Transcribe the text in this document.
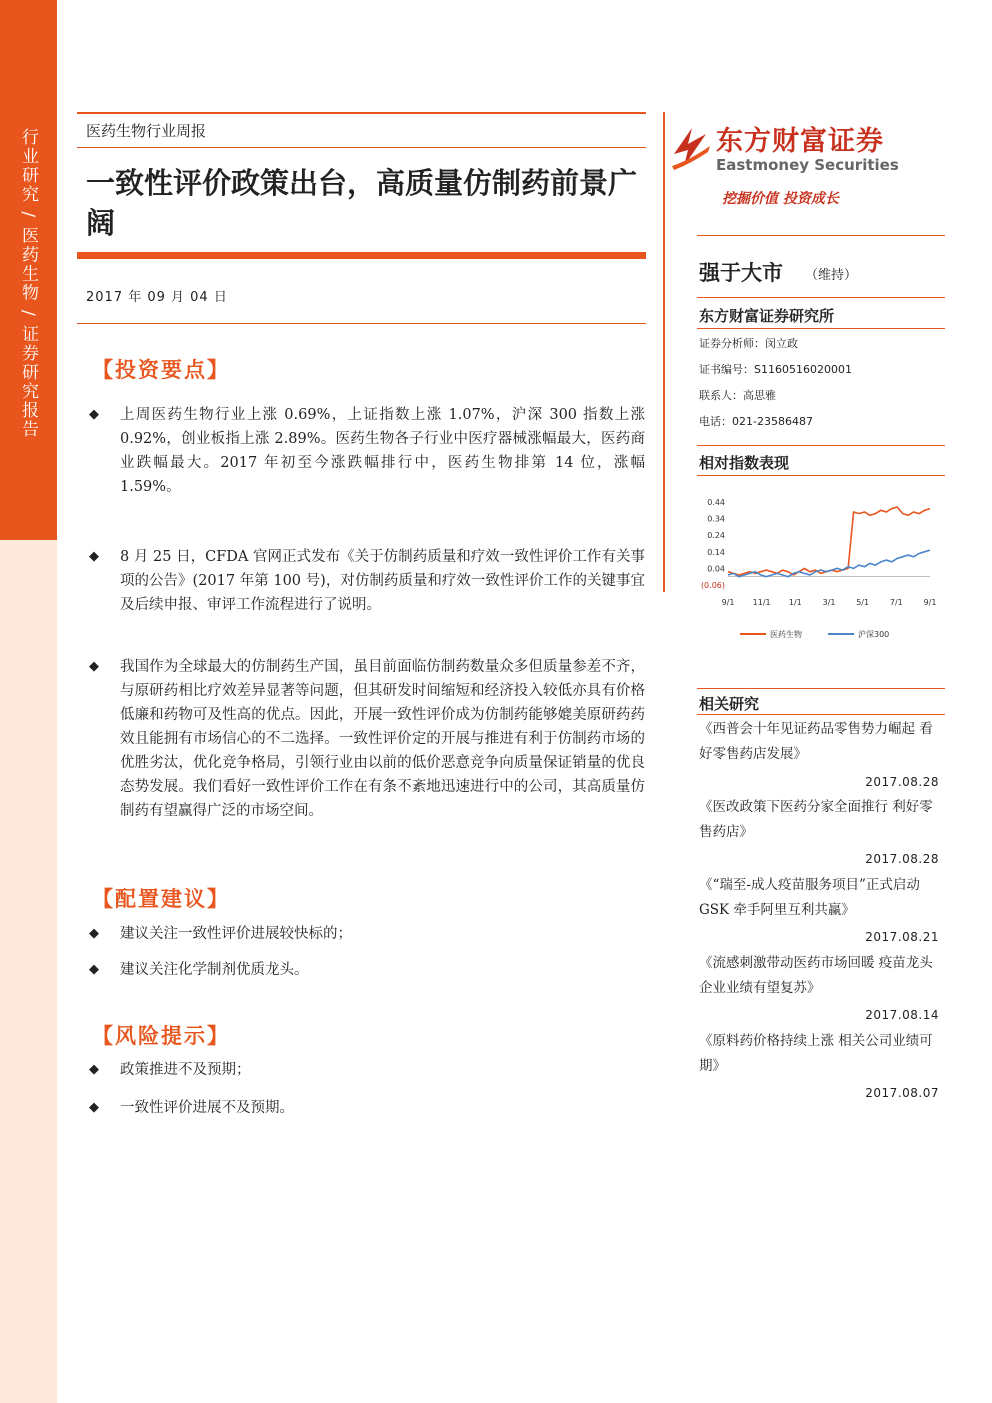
行业研究 / 医药生物 / 证券研究报告	医药生物行业周报
一致性评价政策出台，高质量仿制药前景广阔
2017 年 09 月 04 日
【投资要点】
◆ 上周医药生物行业上涨 0.69%，上证指数上涨 1.07%，沪深 300 指数上涨 0.92%，创业板指上涨 2.89%。医药生物各子行业中医疗器械涨幅最大，医药商业跌幅最大。2017 年初至今涨跌幅排行中，医药生物排第 14 位，涨幅 1.59%。
◆ 8 月 25 日，CFDA 官网正式发布《关于仿制药质量和疗效一致性评价工作有关事项的公告》(2017 年第 100 号)，对仿制药质量和疗效一致性评价工作的关键事宜及后续申报、审评工作流程进行了说明。
◆ 我国作为全球最大的仿制药生产国，虽目前面临仿制药数量众多但质量参差不齐，与原研药相比疗效差异显著等问题，但其研发时间缩短和经济投入较低亦具有价格低廉和药物可及性高的优点。因此，开展一致性评价成为仿制药能够媲美原研药药效且能拥有市场信心的不二选择。一致性评价定的开展与推进有利于仿制药市场的优胜劣汰，优化竞争格局，引领行业由以前的低价恶意竞争向质量保证销量的优良态势发展。我们看好一致性评价工作在有条不紊地迅速进行中的公司，其高质量仿制药有望赢得广泛的市场空间。
【配置建议】
◆ 建议关注一致性评价进展较快标的；
◆ 建议关注化学制剂优质龙头。
【风险提示】
◆ 政策推进不及预期；
◆ 一致性评价进展不及预期。
东方财富证券
Eastmoney Securities
挖掘价值 投资成长
强于大市 （维持）
东方财富证券研究所
证券分析师：闵立政
证书编号：S1160516020001
联系人：高思雅
电话：021-23586487
相对指数表现
0.44
0.34
0.24
0.14
0.04
(0.06)
9/1 11/1 1/1	3/1	5/1	7/1	9/1
医药生物	沪深300
相关研究
《西普会十年见证药品零售势力崛起 看好零售药店发展》
2017.08.28
《医改政策下医药分家全面推行 利好零售药店》
2017.08.28
《“瑞至-成人疫苗服务项目”正式启动 GSK 牵手阿里互利共赢》
2017.08.21
《流感刺激带动医药市场回暖 疫苗龙头企业业绩有望复苏》
2017.08.14
《原料药价格持续上涨 相关公司业绩可期》
2017.08.07
